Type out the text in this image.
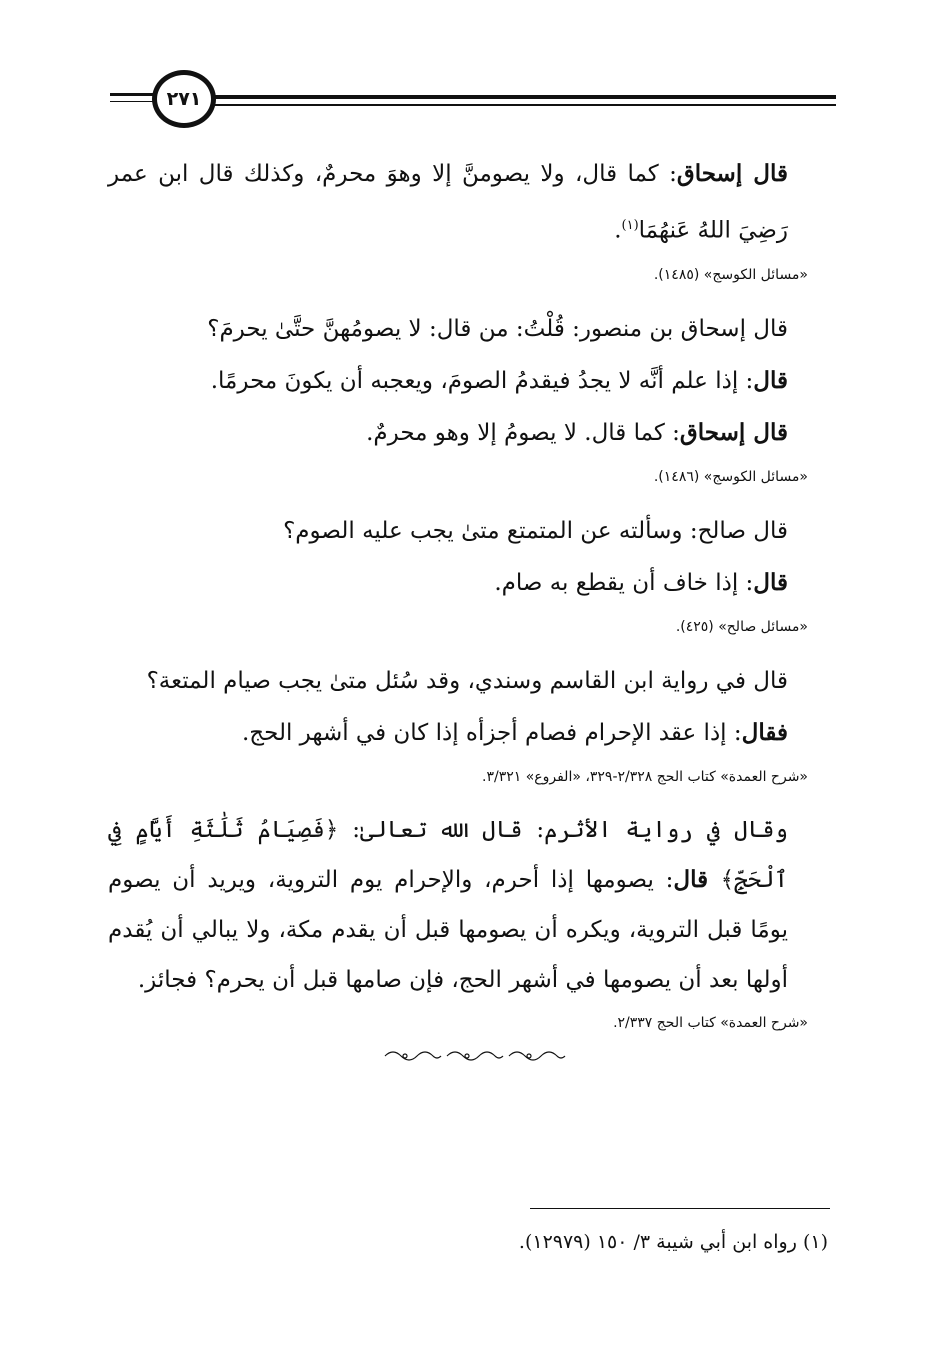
٢٧١

قال إسحاق: كما قال، ولا يصومنَّ إلا وهوَ محرمٌ، وكذلك قال ابن عمر رَضِيَ اللهُ عَنهُمَا$^{(١)}$.

«مسائل الكوسج» (١٤٨٥).

قال إسحاق بن منصور: قُلْتُ: من قال: لا يصومُهنَّ حتَّىٰ يحرمَ؟

قال: إذا علم أنَّه لا يجدُ فيقدمُ الصومَ، ويعجبه أن يكونَ محرمًا.

قال إسحاق: كما قال. لا يصومُ إلا وهو محرمٌ.

«مسائل الكوسج» (١٤٨٦).

قال صالح: وسألته عن المتمتع متىٰ يجب عليه الصوم؟

قال: إذا خاف أن يقطع به صام.

«مسائل صالح» (٤٢٥).

قال في رواية ابن القاسم وسندي، وقد سُئل متىٰ يجب صيام المتعة؟

فقال: إذا عقد الإحرام فصام أجزأه إذا كان في أشهر الحج.

«شرح العمدة» كتاب الحج ٢/٣٢٨-٣٢٩، «الفروع» ٣/٣٢١.

وقال في رواية الأثرم: قال الله تعالىٰ: ﴿فَصِيَامُ ثَلَٰثَةِ أَيَّامٍ فِي ٱلْحَجِّ﴾ قال: يصومها إذا أحرم، والإحرام يوم التروية، ويريد أن يصوم يومًا قبل التروية، ويكره أن يصومها قبل أن يقدم مكة، ولا يبالي أن يُقدم أولها بعد أن يصومها في أشهر الحج، فإن صامها قبل أن يحرم؟ فجائز.

«شرح العمدة» كتاب الحج ٢/٣٣٧.
(١) رواه ابن أبي شيبة ٣/ ١٥٠ (١٢٩٧٩).
